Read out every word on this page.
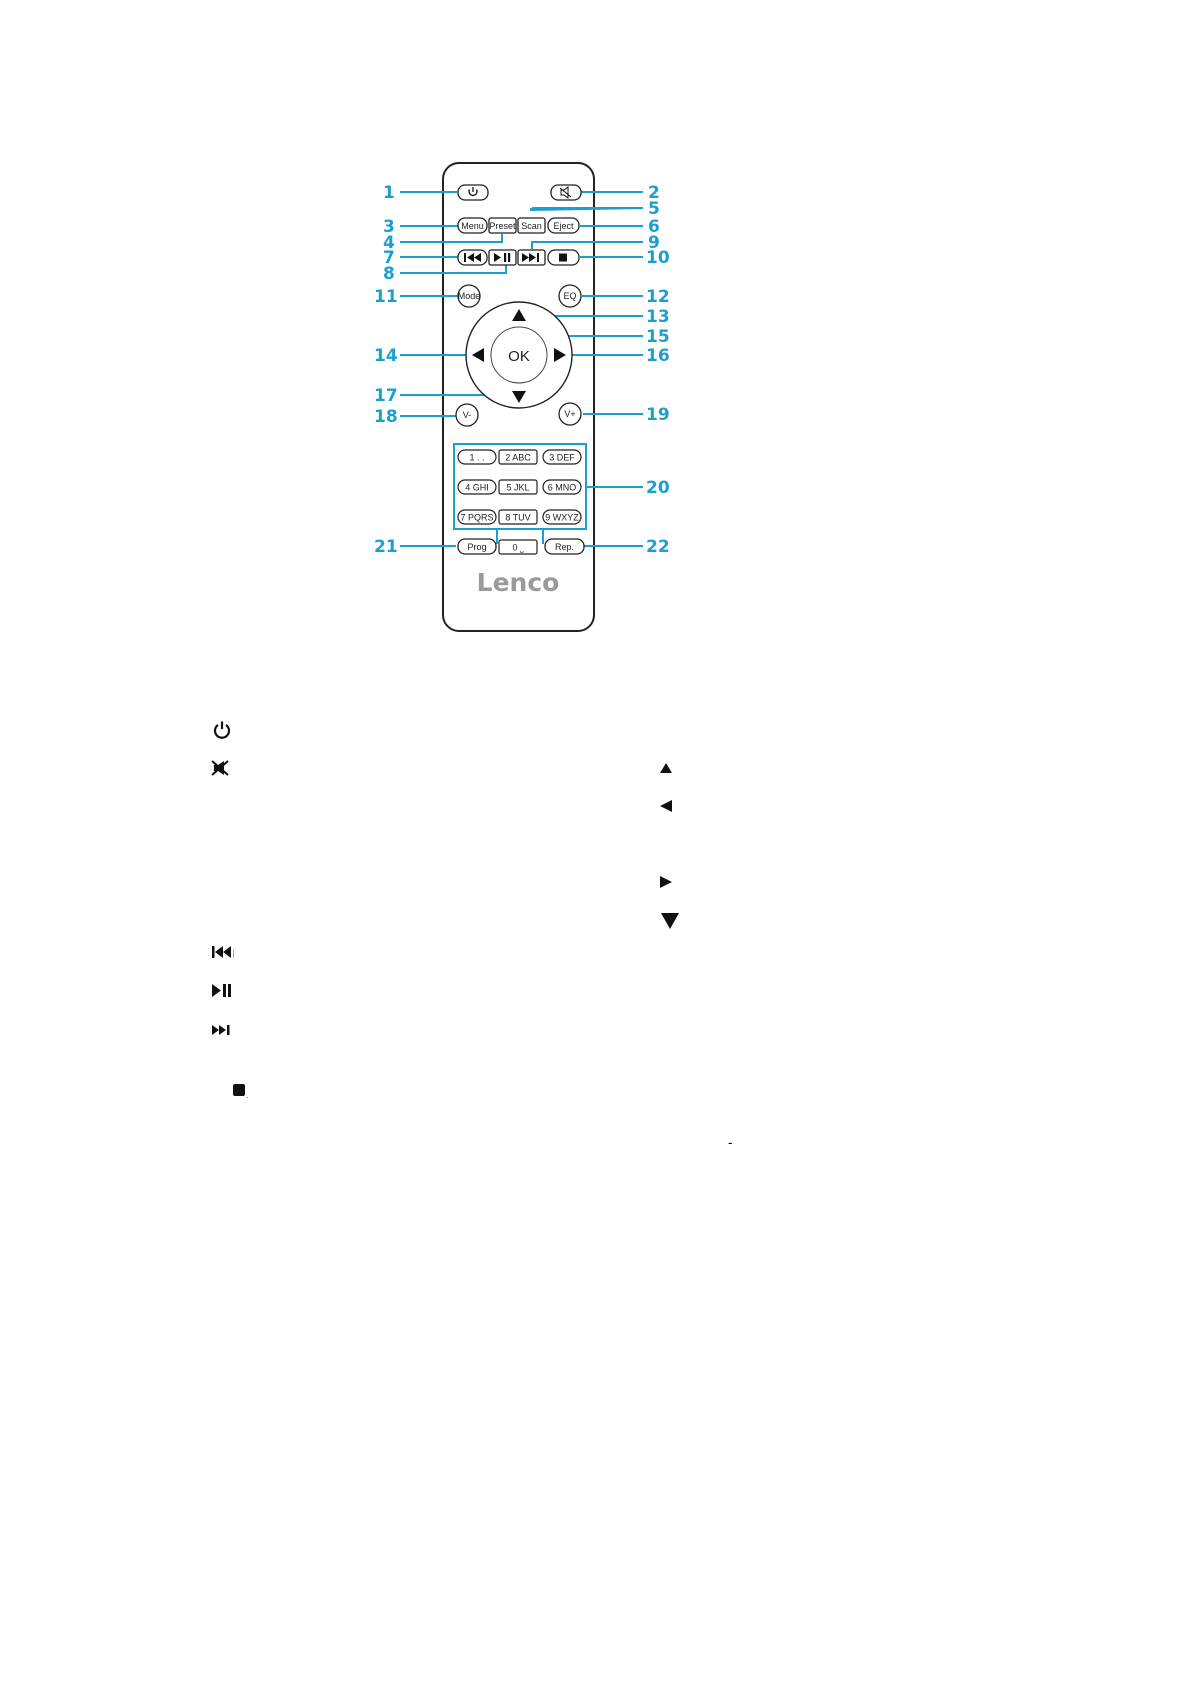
1	2
3
4
5
6
7
8
9
10
11	12
13
14
15
16
17
18	19
20
21	22
Menu Preset Scan Eject
Mode	EQ
OK
V-	V+
1 . . 2 ABC 3 DEF
4 GHI 5 JKL 6 MNO
7 PQRS 8 TUV 9 WXYZ
0 ⎵
Prog	Rep.
Lenco
-
